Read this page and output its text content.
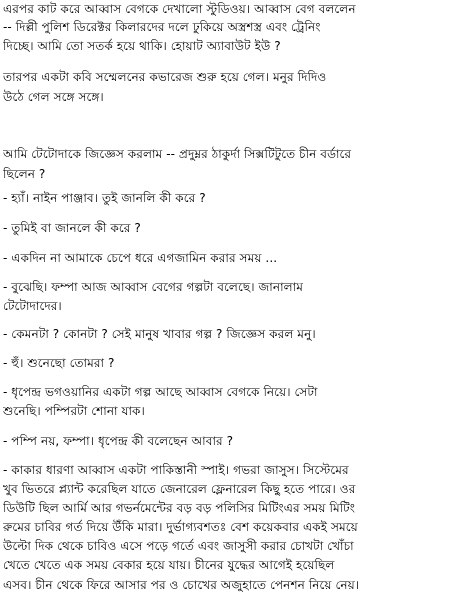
এরপর কাট করে আব্বাস বেগকে দেখালো স্টুডিওয়। আব্বাস বেগ বললেন
-- দিল্লী পুলিশ ডিরেক্টর কিলারদের দলে ঢুকিয়ে অস্ত্রশস্ত্র এবং ট্রেনিং
দিচ্ছে। আমি তো সতর্ক হয়ে থাকি। হোয়াট অ্যাবাউট ইউ ?
তারপর একটা কবি সম্মেলনের কভারেজ শুরু হয়ে গেল। মনুর দিদিও
উঠে গেল সঙ্গে সঙ্গে।
আমি টেটোদাকে জিজ্ঞেস করলাম -- প্রদুম্নর ঠাকুর্দা সিক্সটিটুতে চীন বর্ডারে
ছিলেন ?
- হ্যাঁ। নাইন পাঞ্জাব। তুই জানলি কী করে ?
- তুমিই বা জানলে কী করে ?
- একদিন না আমাকে চেপে ধরে এগজামিন করার সময় ...
- বুঝেছি। ফম্পা আজ আব্বাস বেগের গল্পটা বলেছে। জানালাম
টেটোদাদের।
- কেমনটা ? কোনটা ? সেই মানুষ খাবার গল্প ? জিজ্ঞেস করল মনু।
- হুঁ। শুনেছো তোমরা ?
- ধৃপেন্দ্র ভগওয়ানির একটা গল্প আছে আব্বাস বেগকে নিয়ে। সেটা
শুনেছি। পম্পিরটা শোনা যাক।
- পম্পি নয়, ফম্পা। ধৃপেন্দ্র কী বলেছেন আবার ?
- কাকার ধারণা আব্বাস একটা পাকিস্তানী স্পাই। গভরা জাসুস। সিস্টেমের
খুব ভিতরে প্ল্যান্ট করেছিল যাতে জেনারেল ফ্লেনারেল কিছু হতে পারে। ওর
ডিউটি ছিল আর্মি আর গভর্নমেন্টের বড় বড় পলিসির মিটিংএর সময় মিটিং
রুমের চাবির গর্ত দিয়ে উঁকি মারা। দুর্ভাগ্যবশতঃ বেশ কয়েকবার একই সময়ে
উল্টো দিক থেকে চাবিও এসে পড়ে গর্তে এবং জাসুসী করার চোখটা খোঁচা
খেতে খেতে এক সময় বেকার হয়ে যায়। চীনের যুদ্ধের আগেই হয়েছিল
এসব। চীন থেকে ফিরে আসার পর ও চোখের অজুহাতে পেনশন নিয়ে নেয়।
